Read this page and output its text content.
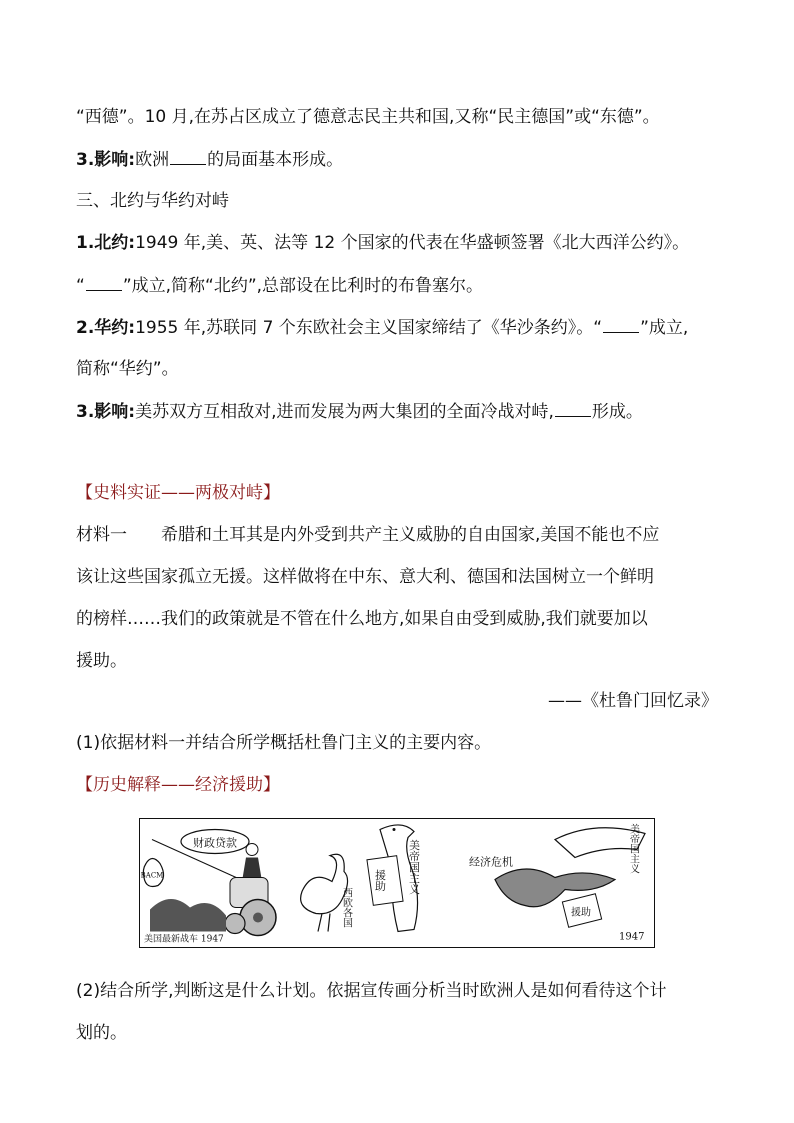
“西德”。10 月,在苏占区成立了德意志民主共和国,又称“民主德国”或“东德”。
3.影响:欧洲 的局面基本形成。
三、北约与华约对峙
1.北约:1949 年,美、英、法等 12 个国家的代表在华盛顿签署《北大西洋公约》。
“ ”成立,简称“北约”,总部设在比利时的布鲁塞尔。
2.华约:1955 年,苏联同 7 个东欧社会主义国家缔结了《华沙条约》。“ ”成立,
简称“华约”。
3.影响:美苏双方互相敌对,进而发展为两大集团的全面冷战对峙, 形成。
【史料实证——两极对峙】
材料一　　希腊和土耳其是内外受到共产主义威胁的自由国家,美国不能也不应
该让这些国家孤立无援。这样做将在中东、意大利、德国和法国树立一个鲜明
的榜样……我们的政策就是不管在什么地方,如果自由受到威胁,我们就要加以
援助。
——《杜鲁门回忆录》
(1)依据材料一并结合所学概括杜鲁门主义的主要内容。
【历史解释——经济援助】
财政贷款
BACM
美国最新战车 1947
西欧各国
美帝国主义
援助
经济危机	美帝国主义
援助
1947
(2)结合所学,判断这是什么计划。依据宣传画分析当时欧洲人是如何看待这个计
划的。
